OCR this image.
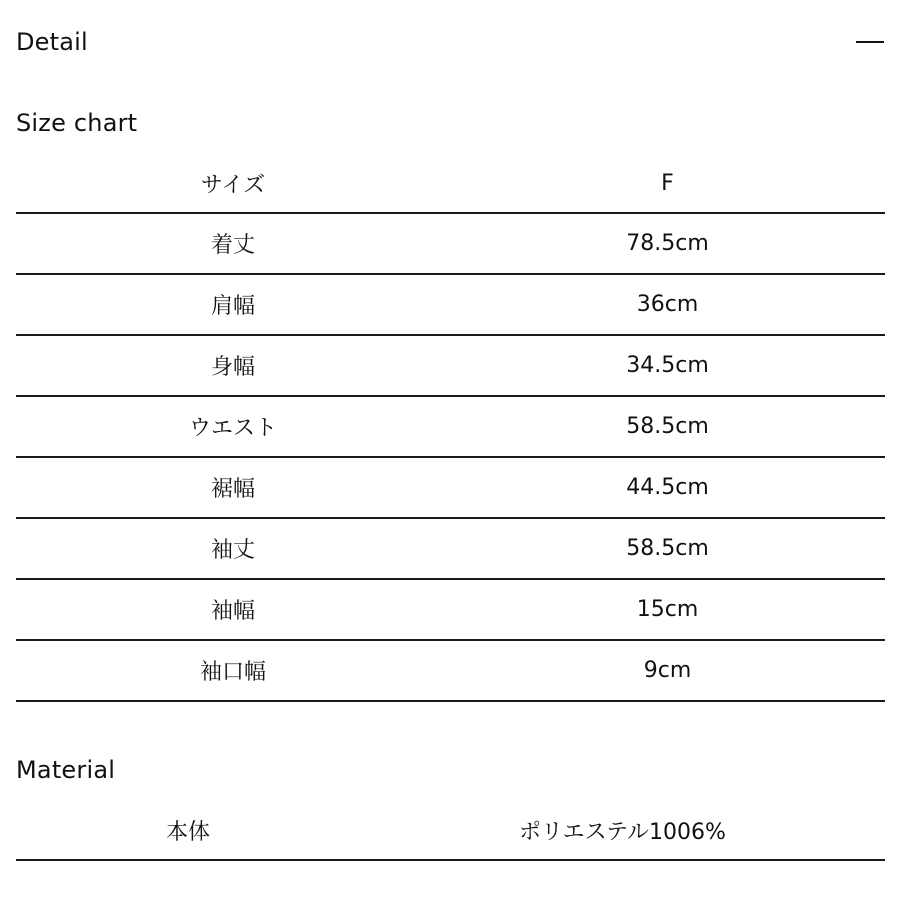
Detail
Size chart
サイズ	F
着丈	78.5cm
肩幅	36cm
身幅	34.5cm
ウエスト	58.5cm
裾幅	44.5cm
袖丈	58.5cm
袖幅	15cm
袖口幅	9cm
Material
本体	ポリエステル1006%
